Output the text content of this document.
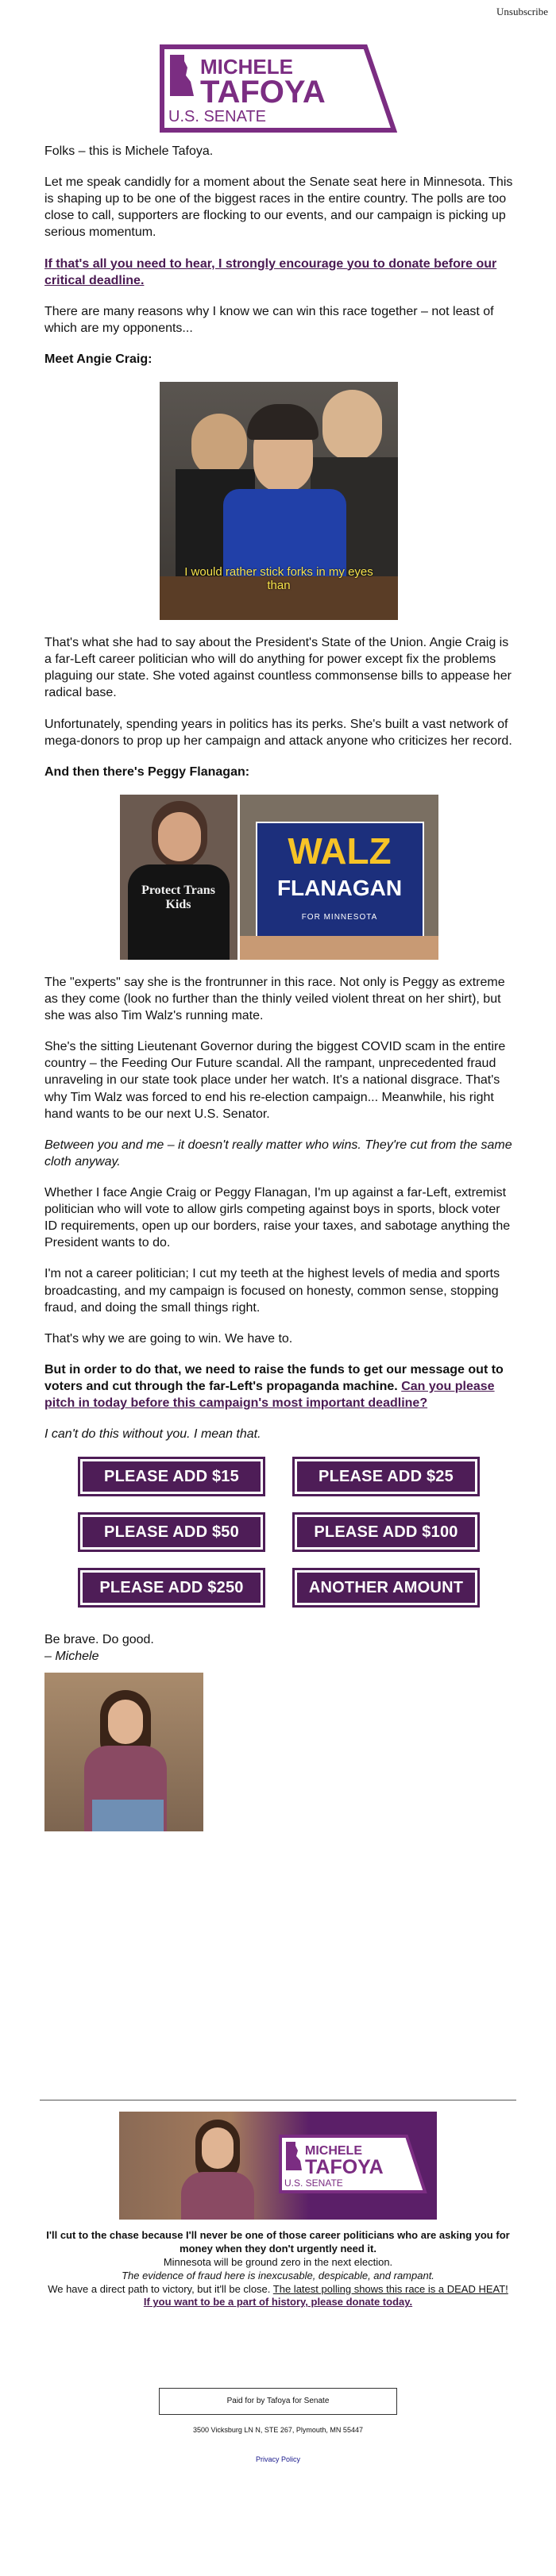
Unsubscribe
MICHELE
TAFOYA
U.S. SENATE

Folks – this is Michele Tafoya.

Let me speak candidly for a moment about the Senate seat here in Minnesota. This is shaping up to be one of the biggest races in the entire country. The polls are too close to call, supporters are flocking to our events, and our campaign is picking up serious momentum.

If that's all you need to hear, I strongly encourage you to donate before our critical deadline.

There are many reasons why I know we can win this race together – not least of which are my opponents...

Meet Angie Craig:

I would rather stick forks in my eyes than

That's what she had to say about the President's State of the Union. Angie Craig is a far-Left career politician who will do anything for power except fix the problems plaguing our state. She voted against countless commonsense bills to appease her radical base.

Unfortunately, spending years in politics has its perks. She's built a vast network of mega-donors to prop up her campaign and attack anyone who criticizes her record.

And then there's Peggy Flanagan:

Protect Trans Kids
WALZ
FLANAGAN
FOR MINNESOTA

The "experts" say she is the frontrunner in this race. Not only is Peggy as extreme as they come (look no further than the thinly veiled violent threat on her shirt), but she was also Tim Walz's running mate.

She's the sitting Lieutenant Governor during the biggest COVID scam in the entire country – the Feeding Our Future scandal. All the rampant, unprecedented fraud unraveling in our state took place under her watch. It's a national disgrace. That's why Tim Walz was forced to end his re-election campaign... Meanwhile, his right hand wants to be our next U.S. Senator.

Between you and me – it doesn't really matter who wins. They're cut from the same cloth anyway.

Whether I face Angie Craig or Peggy Flanagan, I'm up against a far-Left, extremist politician who will vote to allow girls competing against boys in sports, block voter ID requirements, open up our borders, raise your taxes, and sabotage anything the President wants to do.

I'm not a career politician; I cut my teeth at the highest levels of media and sports broadcasting, and my campaign is focused on honesty, common sense, stopping fraud, and doing the small things right.

That's why we are going to win. We have to.

But in order to do that, we need to raise the funds to get our message out to voters and cut through the far-Left's propaganda machine. Can you please pitch in today before this campaign's most important deadline?

I can't do this without you. I mean that.

PLEASE ADD $15	PLEASE ADD $25
PLEASE ADD $50	PLEASE ADD $100
PLEASE ADD $250	ANOTHER AMOUNT
Be brave. Do good.
– Michele
MICHELE
TAFOYA
U.S. SENATE
I'll cut to the chase because I'll never be one of those career politicians who are asking you for money when they don't urgently need it.
Minnesota will be ground zero in the next election.
The evidence of fraud here is inexcusable, despicable, and rampant.
We have a direct path to victory, but it'll be close. The latest polling shows this race is a DEAD HEAT!
If you want to be a part of history, please donate today.
Paid for by Tafoya for Senate
3500 Vicksburg LN N, STE 267, Plymouth, MN 55447
Privacy Policy
